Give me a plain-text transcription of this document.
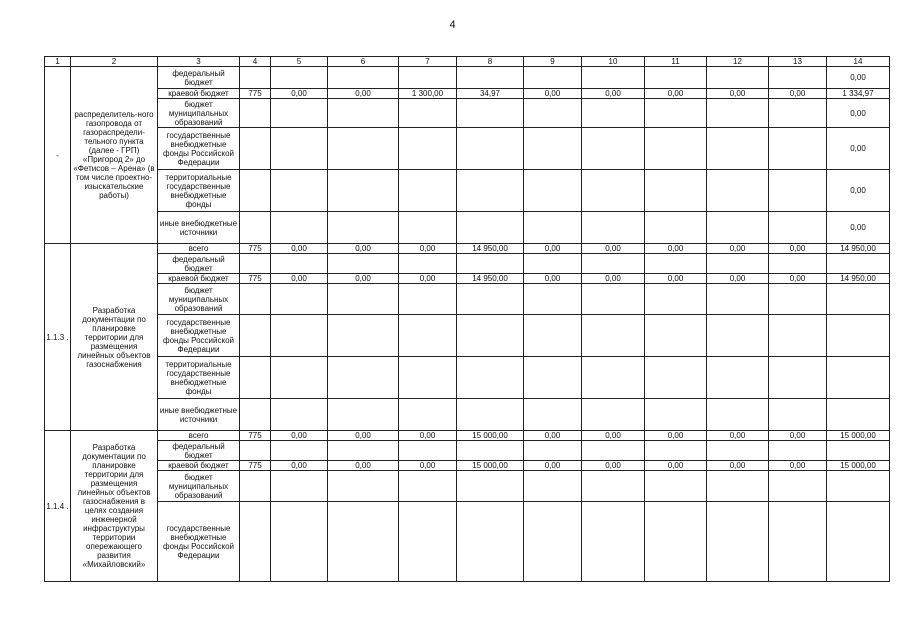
4
1	2	3	4	5	6	7	8	9	10	11	12	13	14
-	распределитель-ного газопровода от газораспредели-тельного пункта (далее - ГРП) «Пригород 2» до «Фетисов – Арена» (в том числе проектно-изыскательские работы)	федеральный бюджет											0,00
		краевой бюджет	775	0,00	0,00	1 300,00	34,97	0,00	0,00	0,00	0,00	0,00	1 334,97
		бюджет муниципальных образований											0,00
		государственные внебюджетные фонды Российской Федерации											0,00
		территориальные государственные внебюджетные фонды											0,00
		иные внебюджетные источники											0,00
1.1.3 .	Разработка документации по планировке территории для размещения линейных объектов газоснабжения	всего	775	0,00	0,00	0,00	14 950,00	0,00	0,00	0,00	0,00	0,00	14 950,00
		федеральный бюджет											
		краевой бюджет	775	0,00	0,00	0,00	14 950,00	0,00	0,00	0,00	0,00	0,00	14 950,00
		бюджет муниципальных образований											
		государственные внебюджетные фонды Российской Федерации											
		территориальные государственные внебюджетные фонды											
		иные внебюджетные источники											
1.1.4 .	Разработка документации по планировке территории для размещения линейных объектов газоснабжения в целях создания инженерной инфраструктуры территории опережающего развития «Михайловский»	всего	775	0,00	0,00	0,00	15 000,00	0,00	0,00	0,00	0,00	0,00	15 000,00
		федеральный бюджет											
		краевой бюджет	775	0,00	0,00	0,00	15 000,00	0,00	0,00	0,00	0,00	0,00	15 000,00
		бюджет муниципальных образований											
		государственные внебюджетные фонды Российской Федерации											
